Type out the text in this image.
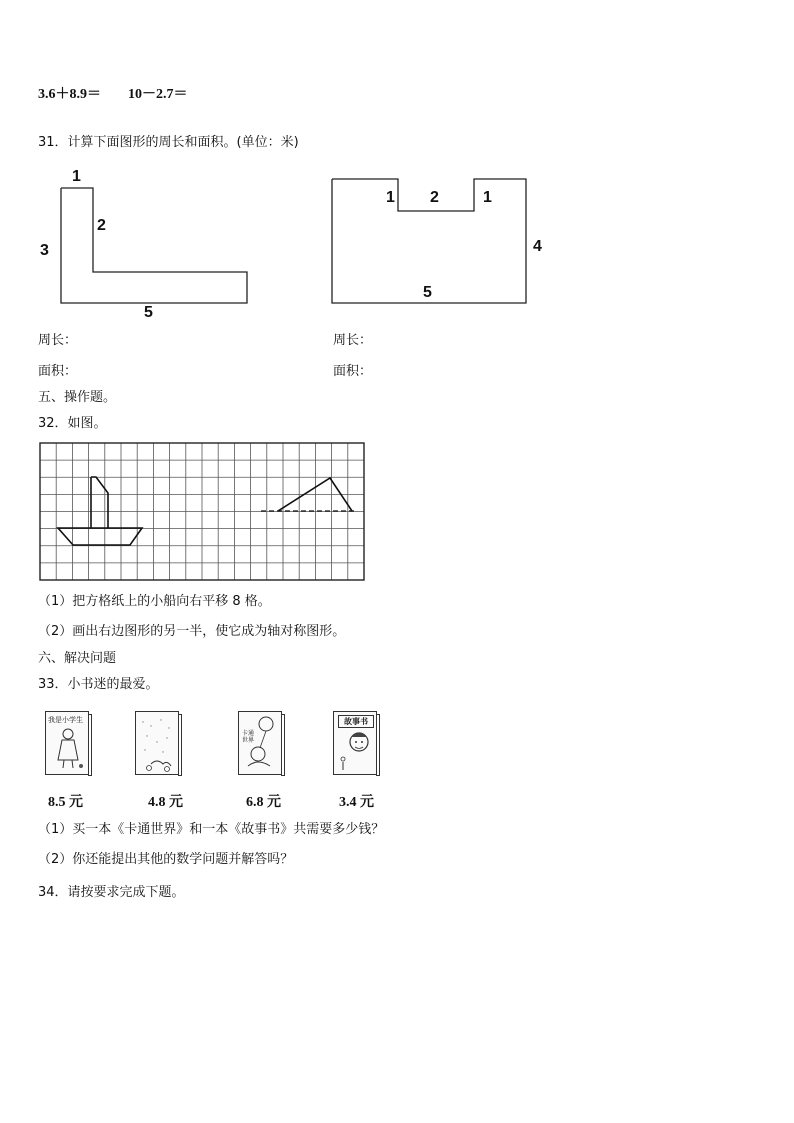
3.6＋8.9＝ 10－2.7＝
31．计算下面图形的周长和面积。(单位：米)
1
2
3
5
1 2	1
4
5
周长：	周长：
面积：	面积：
五、操作题。
32．如图。
（1）把方格纸上的小船向右平移 8 格。
（2）画出右边图形的另一半，使它成为轴对称图形。
六、解决问题
33．小书迷的最爱。
我是小学生
卡通世界
故事书
8.5 元	4.8 元	6.8 元	3.4 元
（1）买一本《卡通世界》和一本《故事书》共需要多少钱？
（2）你还能提出其他的数学问题并解答吗？
34．请按要求完成下题。
